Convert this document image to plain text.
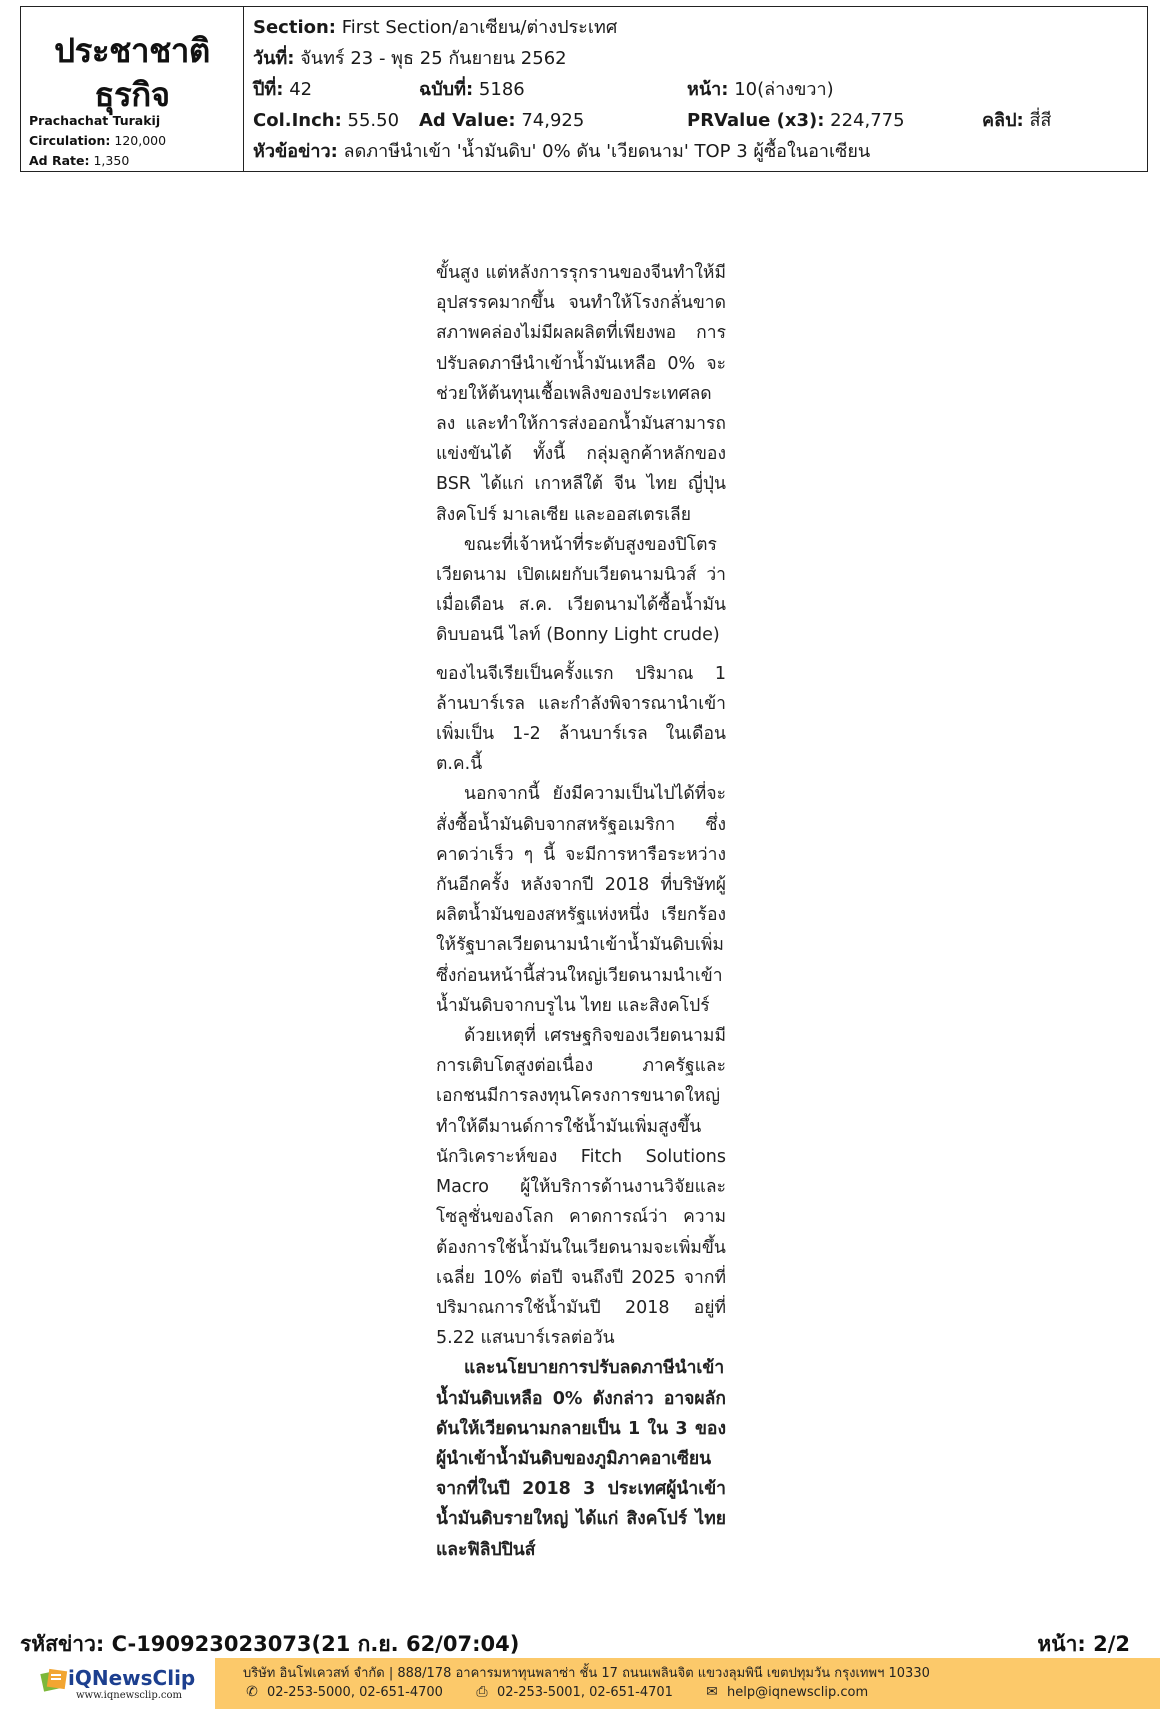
ประชาชาติ
ธุรกิจ
Prachachat Turakij
Circulation: 120,000
Ad Rate: 1,350
Section: First Section/อาเซียน/ต่างประเทศ
วันที่: จันทร์ 23 - พุธ 25 กันยายน 2562
ปีที่: 42	ฉบับที่: 5186	หน้า: 10(ล่างขวา)
Col.Inch: 55.50 Ad Value: 74,925	PRValue (x3): 224,775	คลิป: สี่สี
หัวข้อข่าว: ลดภาษีนำเข้า 'น้ำมันดิบ' 0% ดัน 'เวียดนาม' TOP 3 ผู้ซื้อในอาเซียน

ขั้นสูง แต่หลังการรุกรานของจีนทำให้มีอุปสรรคมากขึ้น จนทำให้โรงกลั่นขาดสภาพคล่องไม่มีผลผลิตที่เพียงพอ การปรับลดภาษีนำเข้าน้ำมันเหลือ 0% จะช่วยให้ต้นทุนเชื้อเพลิงของประเทศลดลง และทำให้การส่งออกน้ำมันสามารถแข่งขันได้ ทั้งนี้ กลุ่มลูกค้าหลักของ BSR ได้แก่ เกาหลีใต้ จีน ไทย ญี่ปุ่น สิงคโปร์ มาเลเซีย และออสเตรเลีย

ขณะที่เจ้าหน้าที่ระดับสูงของปิโตรเวียดนาม เปิดเผยกับเวียดนามนิวส์ ว่า เมื่อเดือน ส.ค. เวียดนามได้ซื้อน้ำมันดิบบอนนี ไลท์ (Bonny Light crude)

ของไนจีเรียเป็นครั้งแรก ปริมาณ 1 ล้านบาร์เรล และกำลังพิจารณานำเข้าเพิ่มเป็น 1-2 ล้านบาร์เรล ในเดือน ต.ค.นี้

นอกจากนี้ ยังมีความเป็นไปได้ที่จะสั่งซื้อน้ำมันดิบจากสหรัฐอเมริกา ซึ่งคาดว่าเร็ว ๆ นี้ จะมีการหารือระหว่างกันอีกครั้ง หลังจากปี 2018 ที่บริษัทผู้ผลิตน้ำมันของสหรัฐแห่งหนึ่ง เรียกร้องให้รัฐบาลเวียดนามนำเข้าน้ำมันดิบเพิ่ม ซึ่งก่อนหน้านี้ส่วนใหญ่เวียดนามนำเข้าน้ำมันดิบจากบรูไน ไทย และสิงคโปร์

ด้วยเหตุที่ เศรษฐกิจของเวียดนามมีการเติบโตสูงต่อเนื่อง ภาครัฐและเอกชนมีการลงทุนโครงการขนาดใหญ่ ทำให้ดีมานด์การใช้น้ำมันเพิ่มสูงขึ้น นักวิเคราะห์ของ Fitch Solutions Macro ผู้ให้บริการด้านงานวิจัยและโซลูชั่นของโลก คาดการณ์ว่า ความต้องการใช้น้ำมันในเวียดนามจะเพิ่มขึ้นเฉลี่ย 10% ต่อปี จนถึงปี 2025 จากที่ปริมาณการใช้น้ำมันปี 2018 อยู่ที่ 5.22 แสนบาร์เรลต่อวัน

และนโยบายการปรับลดภาษีนำเข้าน้ำมันดิบเหลือ 0% ดังกล่าว อาจผลักดันให้เวียดนามกลายเป็น 1 ใน 3 ของผู้นำเข้าน้ำมันดิบของภูมิภาคอาเซียน จากที่ในปี 2018 3 ประเทศผู้นำเข้าน้ำมันดิบรายใหญ่ ได้แก่ สิงคโปร์ ไทย และฟิลิปปินส์

รหัสข่าว: C-190923023073(21 ก.ย. 62/07:04)	หน้า: 2/2
iQNewsClip
www.iqnewsclip.com
บริษัท อินโฟเควสท์ จำกัด | 888/178 อาคารมหาทุนพลาซ่า ชั้น 17 ถนนเพลินจิต แขวงลุมพินี เขตปทุมวัน กรุงเทพฯ 10330
✆ 02-253-5000, 02-651-4700 ⎙ 02-253-5001, 02-651-4701 ✉ help@iqnewsclip.com
